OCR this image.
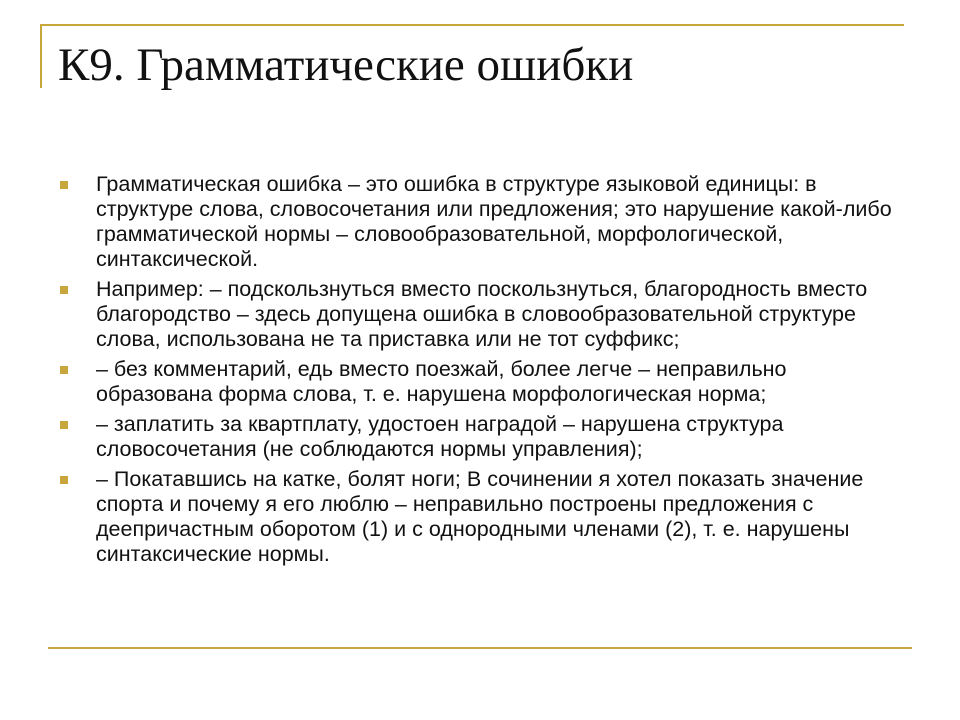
К9. Грамматические ошибки
Грамматическая ошибка – это ошибка в структуре языковой единицы: в структуре слова, словосочетания или предложения; это нарушение какой-либо грамматической нормы – словообразовательной, морфологической, синтаксической.
Например: – подскользнуться вместо поскользнуться, благородность вместо благородство – здесь допущена ошибка в словообразовательной структуре слова, использована не та приставка или не тот суффикс;
– без комментарий, едь вместо поезжай, более легче – неправильно образована форма слова, т. е. нарушена морфологическая норма;
– заплатить за квартплату, удостоен наградой – нарушена структура словосочетания (не соблюдаются нормы управления);
– Покатавшись на катке, болят ноги; В сочинении я хотел показать значение спорта и почему я его люблю – неправильно построены предложения с деепричастным оборотом (1) и с однородными членами (2), т. е. нарушены синтаксические нормы.
